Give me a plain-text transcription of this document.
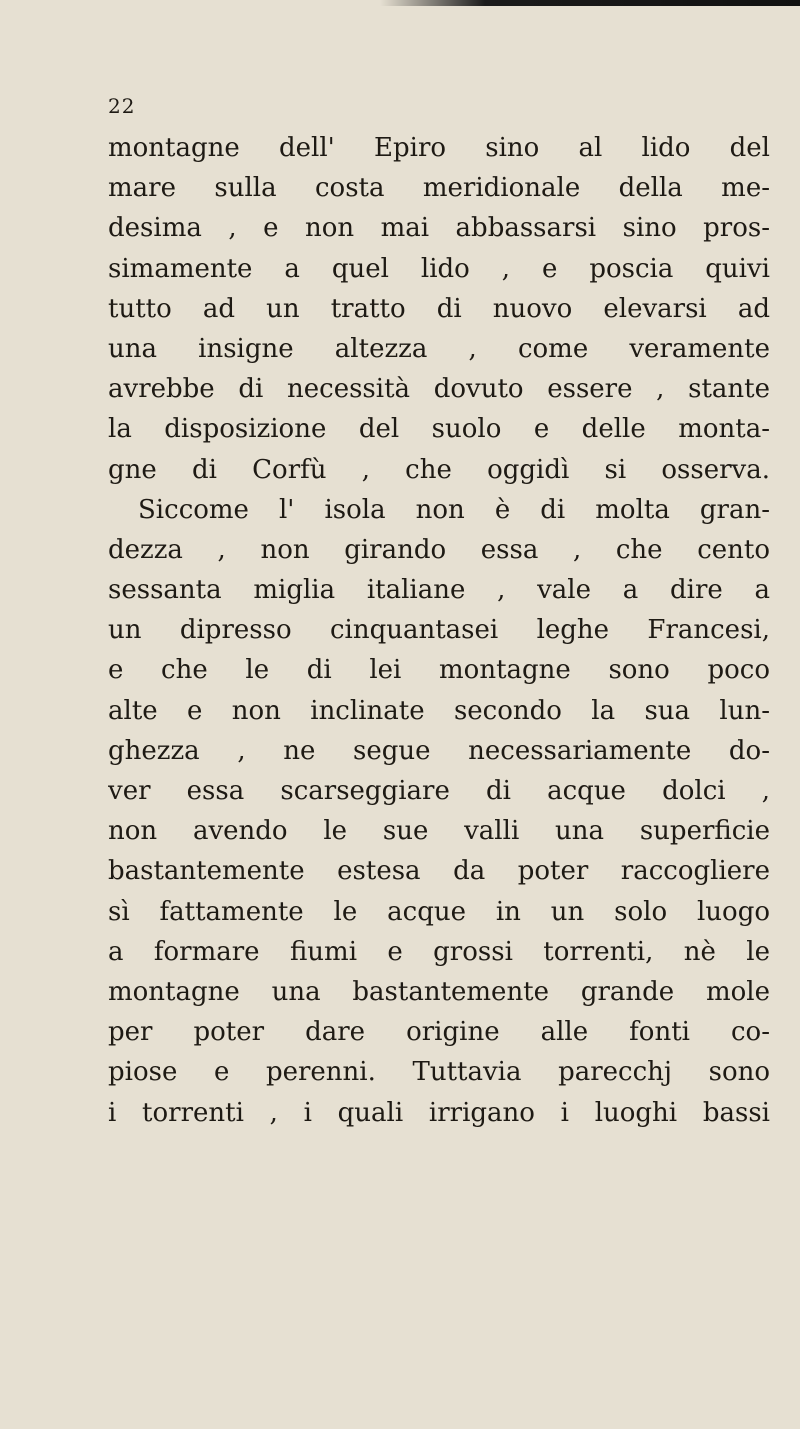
22
montagne dell' Epiro sino al lido del
mare sulla costa meridionale della me-
desima , e non mai abbassarsi sino pros-
simamente a quel lido , e poscia quivi
tutto ad un tratto di nuovo elevarsi ad
una insigne altezza , come veramente
avrebbe di necessità dovuto essere , stante
la disposizione del suolo e delle monta-
gne di Corfù , che oggidì si osserva.
Siccome l' isola non è di molta gran-
dezza , non girando essa , che cento
sessanta miglia italiane , vale a dire a
un dipresso cinquantasei leghe Francesi,
e che le di lei montagne sono poco
alte e non inclinate secondo la sua lun-
ghezza , ne segue necessariamente do-
ver essa scarseggiare di acque dolci ,
non avendo le sue valli una superficie
bastantemente estesa da poter raccogliere
sì fattamente le acque in un solo luogo
a formare fiumi e grossi torrenti, nè le
montagne una bastantemente grande mole
per poter dare origine alle fonti co-
piose e perenni. Tuttavia parecchj sono
i torrenti , i quali irrigano i luoghi bassi
